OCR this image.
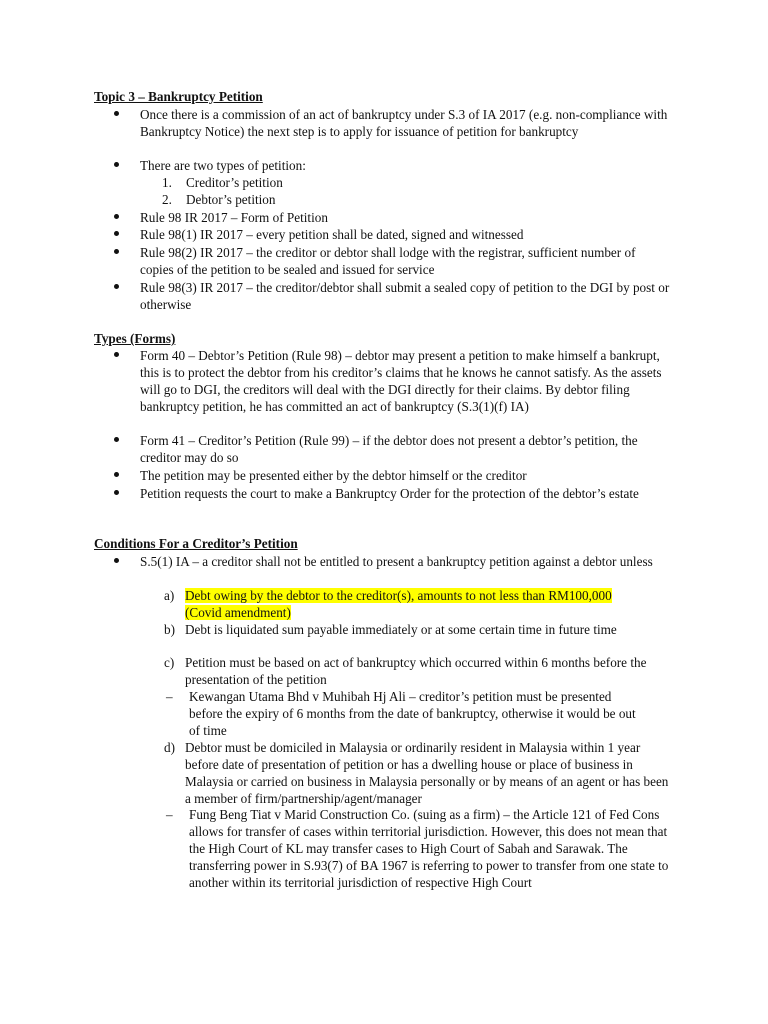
Topic 3 – Bankruptcy Petition
Once there is a commission of an act of bankruptcy under S.3 of IA 2017 (e.g. non-compliance with Bankruptcy Notice) the next step is to apply for issuance of petition for bankruptcy
There are two types of petition:
1. Creditor’s petition
2. Debtor’s petition
Rule 98 IR 2017 – Form of Petition
Rule 98(1) IR 2017 – every petition shall be dated, signed and witnessed
Rule 98(2) IR 2017 – the creditor or debtor shall lodge with the registrar, sufficient number of copies of the petition to be sealed and issued for service
Rule 98(3) IR 2017 – the creditor/debtor shall submit a sealed copy of petition to the DGI by post or otherwise
Types (Forms)
Form 40 – Debtor’s Petition (Rule 98) – debtor may present a petition to make himself a bankrupt, this is to protect the debtor from his creditor’s claims that he knows he cannot satisfy. As the assets will go to DGI, the creditors will deal with the DGI directly for their claims. By debtor filing bankruptcy petition, he has committed an act of bankruptcy (S.3(1)(f) IA)
Form 41 – Creditor’s Petition (Rule 99) – if the debtor does not present a debtor’s petition, the creditor may do so
The petition may be presented either by the debtor himself or the creditor
Petition requests the court to make a Bankruptcy Order for the protection of the debtor’s estate
Conditions For a Creditor’s Petition
S.5(1) IA – a creditor shall not be entitled to present a bankruptcy petition against a debtor unless
a) Debt owing by the debtor to the creditor(s), amounts to not less than RM100,000 (Covid amendment)
b) Debt is liquidated sum payable immediately or at some certain time in future time
c) Petition must be based on act of bankruptcy which occurred within 6 months before the presentation of the petition
– Kewangan Utama Bhd v Muhibah Hj Ali – creditor’s petition must be presented before the expiry of 6 months from the date of bankruptcy, otherwise it would be out of time
d) Debtor must be domiciled in Malaysia or ordinarily resident in Malaysia within 1 year before date of presentation of petition or has a dwelling house or place of business in Malaysia or carried on business in Malaysia personally or by means of an agent or has been a member of firm/partnership/agent/manager
– Fung Beng Tiat v Marid Construction Co. (suing as a firm) – the Article 121 of Fed Cons allows for transfer of cases within territorial jurisdiction. However, this does not mean that the High Court of KL may transfer cases to High Court of Sabah and Sarawak. The transferring power in S.93(7) of BA 1967 is referring to power to transfer from one state to another within its territorial jurisdiction of respective High Court
